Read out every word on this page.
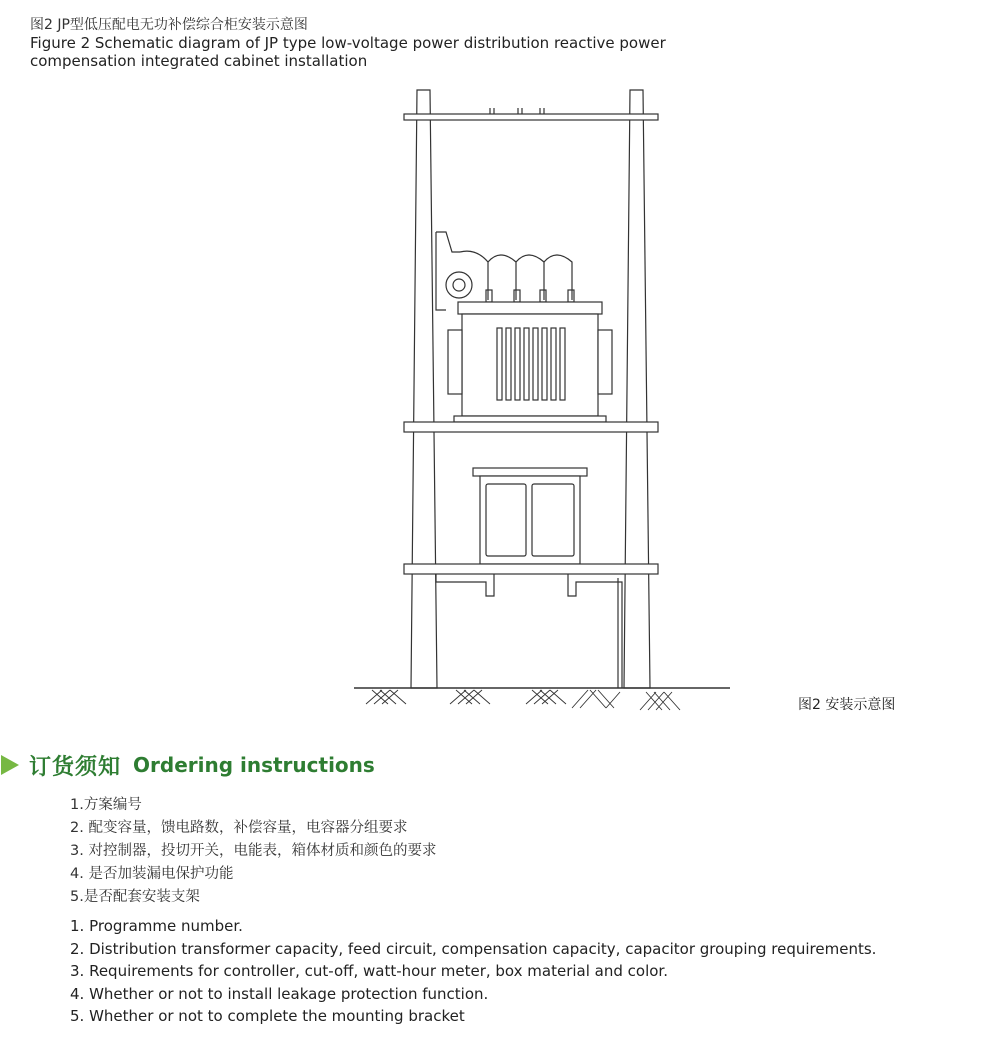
图2 JP型低压配电无功补偿综合柜安装示意图

Figure 2 Schematic diagram of JP type low-voltage power distribution reactive power
compensation integrated cabinet installation
图2 安装示意图
订货须知 Ordering instructions
1.方案编号
2. 配变容量，馈电路数，补偿容量，电容器分组要求
3. 对控制器，投切开关，电能表，箱体材质和颜色的要求
4. 是否加装漏电保护功能
5.是否配套安装支架
1. Programme number.
2. Distribution transformer capacity, feed circuit, compensation capacity, capacitor grouping requirements.
3. Requirements for controller, cut-off, watt-hour meter, box material and color.
4. Whether or not to install leakage protection function.
5. Whether or not to complete the mounting bracket
